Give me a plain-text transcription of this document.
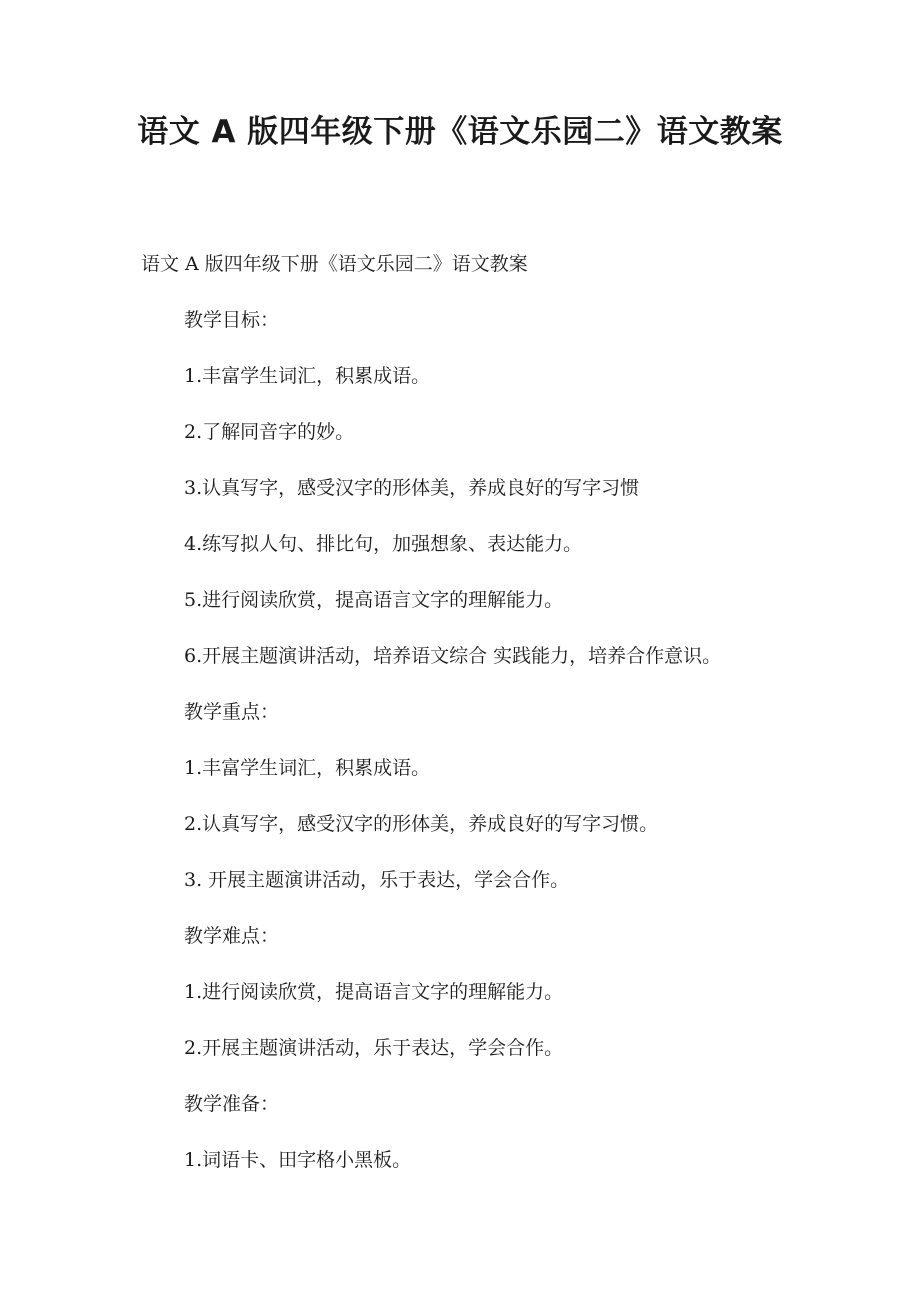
语文 A 版四年级下册《语文乐园二》语文教案

语文 A 版四年级下册《语文乐园二》语文教案

教学目标：

1.丰富学生词汇，积累成语。

2.了解同音字的妙。

3.认真写字，感受汉字的形体美，养成良好的写字习惯

4.练写拟人句、排比句，加强想象、表达能力。

5.进行阅读欣赏，提高语言文字的理解能力。

6.开展主题演讲活动，培养语文综合 实践能力，培养合作意识。

教学重点：

1.丰富学生词汇，积累成语。

2.认真写字，感受汉字的形体美，养成良好的写字习惯。

3. 开展主题演讲活动，乐于表达，学会合作。

教学难点：

1.进行阅读欣赏，提高语言文字的理解能力。

2.开展主题演讲活动，乐于表达，学会合作。

教学准备：

1.词语卡、田字格小黑板。
